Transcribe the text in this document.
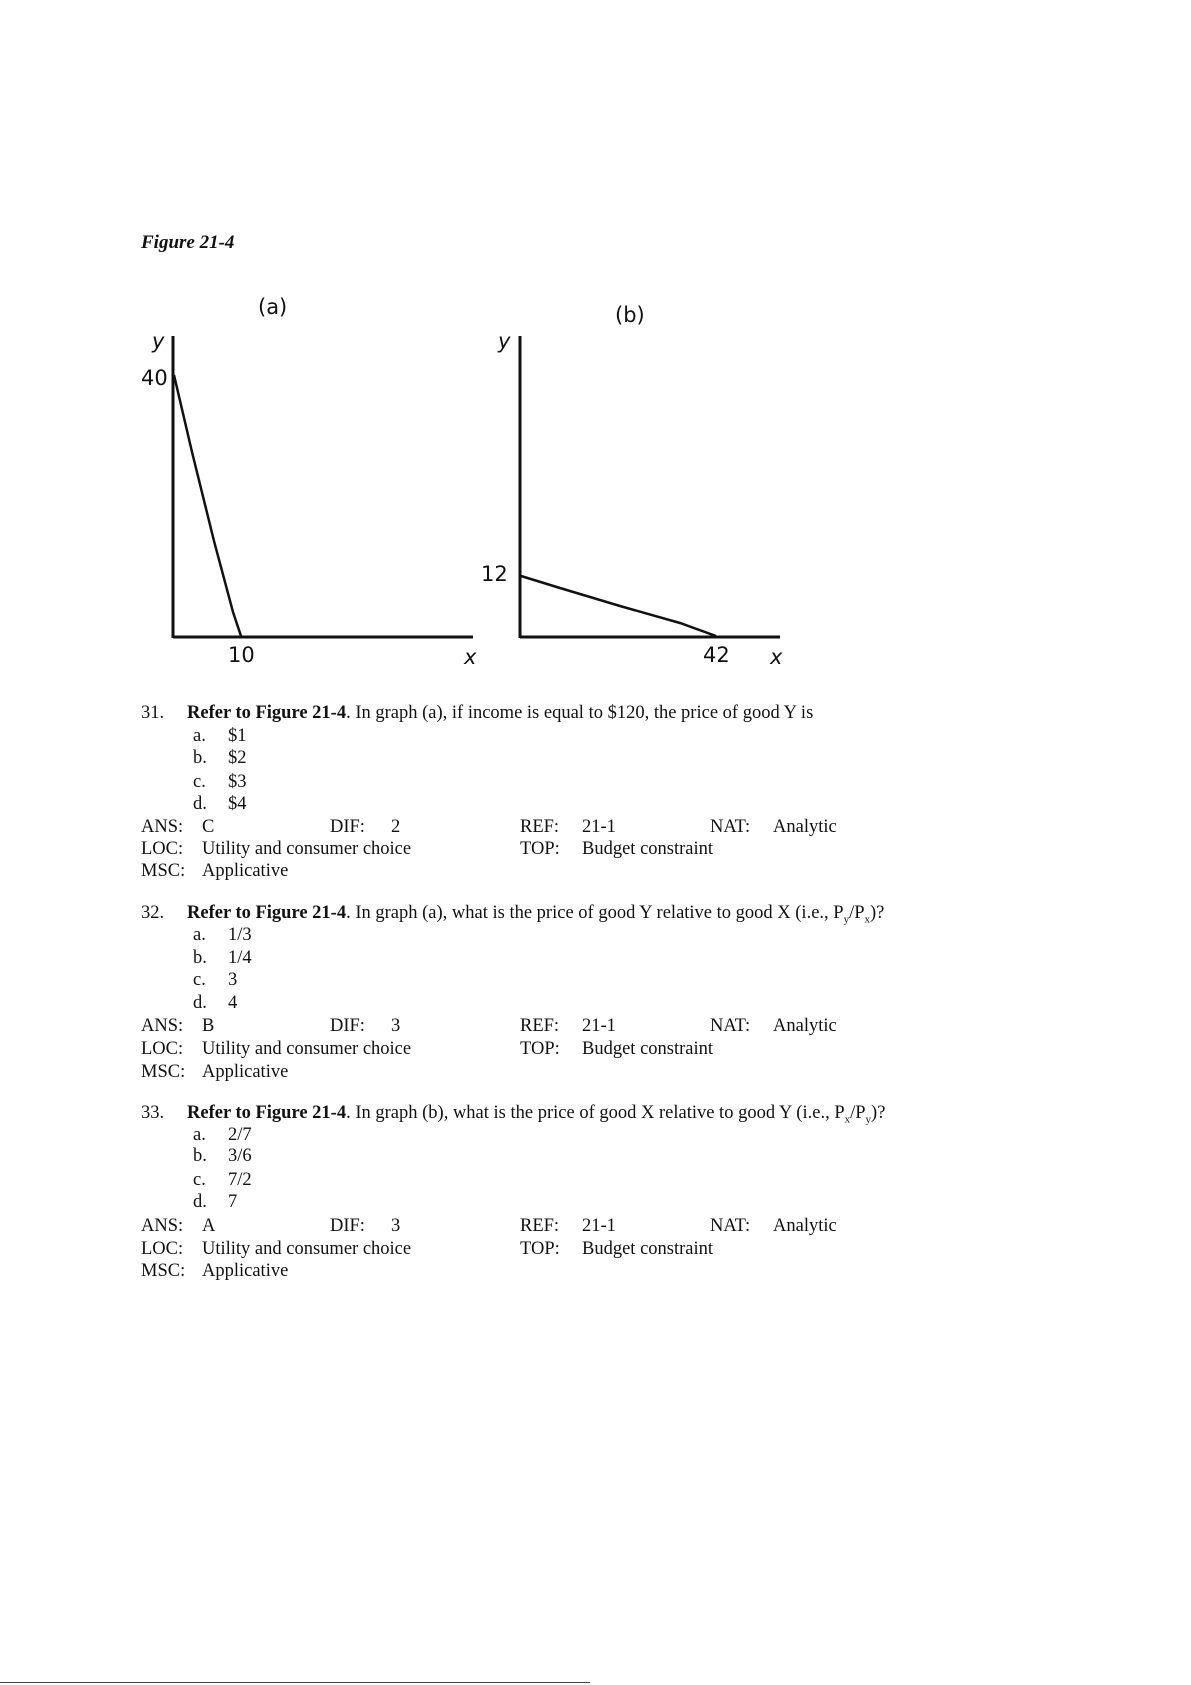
Figure 21-4
(a)
y
40
10	x
(b)
y
12
42 x
31. Refer to Figure 21-4. In graph (a), if income is equal to $120, the price of good Y is
a. $1
b. $2
c. $3
d. $4
ANS: C	DIF: 2	REF: 21-1	NAT: Analytic
LOC: Utility and consumer choice	TOP: Budget constraint
MSC: Applicative
32. Refer to Figure 21-4. In graph (a), what is the price of good Y relative to good X (i.e., $P_y/P_x$)?
a. 1/3
b. 1/4
c. 3
d. 4
ANS: B	DIF: 3	REF: 21-1	NAT: Analytic
LOC: Utility and consumer choice	TOP: Budget constraint
MSC: Applicative
33. Refer to Figure 21-4. In graph (b), what is the price of good X relative to good Y (i.e., $P_x/P_y$)?
a. 2/7
b. 3/6
c. 7/2
d. 7
ANS: A	DIF: 3	REF: 21-1	NAT: Analytic
LOC: Utility and consumer choice	TOP: Budget constraint
MSC: Applicative
